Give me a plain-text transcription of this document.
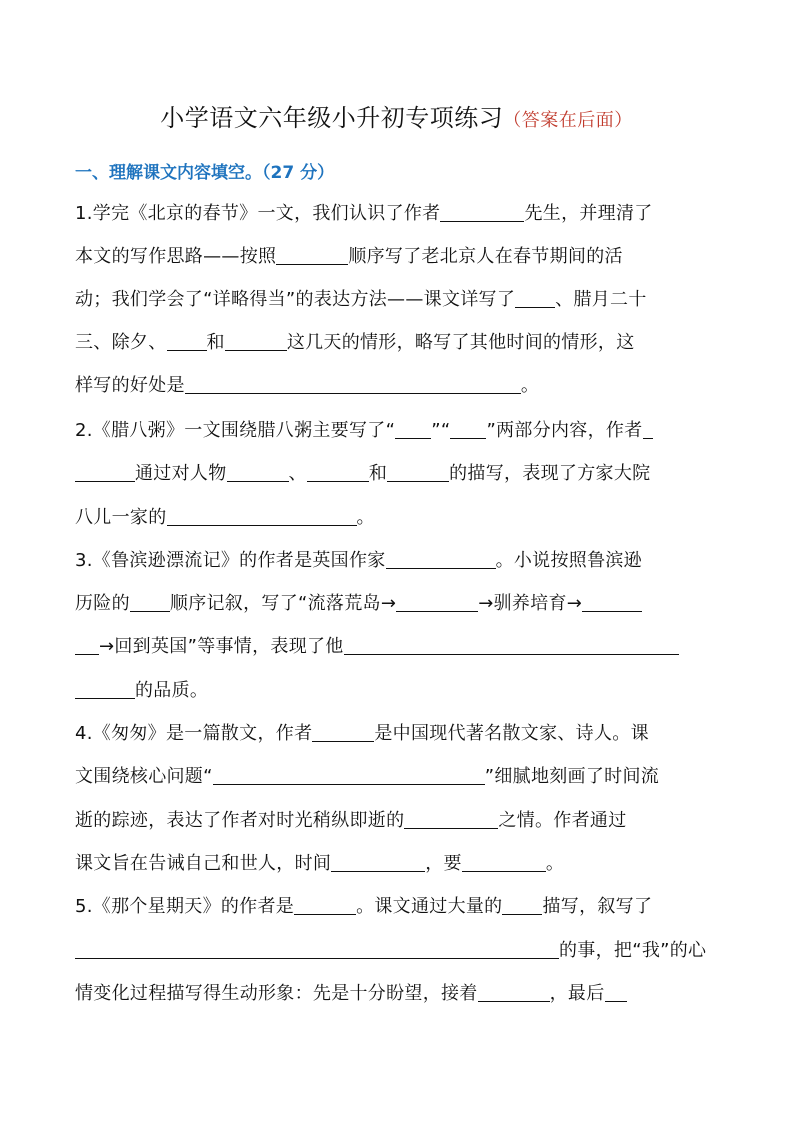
小学语文六年级小升初专项练习（答案在后面）
一、理解课文内容填空。（27 分）
1.学完《北京的春节》一文，我们认识了作者	先生，并理清了
本文的写作思路——按照	顺序写了老北京人在春节期间的活
动；我们学会了“详略得当”的表达方法——课文详写了 、腊月二十
三、除夕、 和	这几天的情形，略写了其他时间的情形，这
样写的好处是	。
2.《腊八粥》一文围绕腊八粥主要写了“ ”“ ”两部分内容，作者
通过对人物	、	和	的描写，表现了方家大院
八儿一家的	。
3.《鲁滨逊漂流记》的作者是英国作家	。小说按照鲁滨逊
历险的 顺序记叙，写了“流落荒岛→	→驯养培育→
→回到英国”等事情，表现了他
的品质。
4.《匆匆》是一篇散文，作者	是中国现代著名散文家、诗人。课
文围绕核心问题“	”细腻地刻画了时间流
逝的踪迹，表达了作者对时光稍纵即逝的	之情。作者通过
课文旨在告诫自己和世人，时间	，要	。
5.《那个星期天》的作者是	。课文通过大量的 描写，叙写了
的事，把“我”的心
情变化过程描写得生动形象：先是十分盼望，接着	，最后
